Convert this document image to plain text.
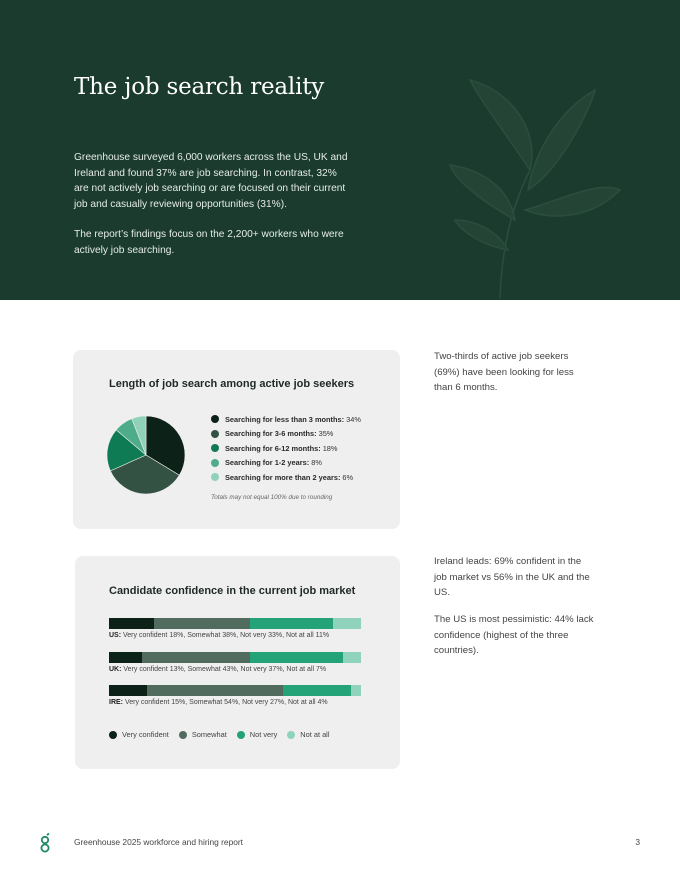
The job search reality

Greenhouse surveyed 6,000 workers across the US, UK and Ireland and found 37% are job searching. In contrast, 32% are not actively job searching or are focused on their current job and casually reviewing opportunities (31%).

The report’s findings focus on the 2,200+ workers who were actively job searching.

Length of job search among active job seekers
Searching for less than 3 months: 34%
Searching for 3-6 months: 35%
Searching for 6-12 months: 18%
Searching for 1-2 years: 8%
Searching for more than 2 years: 6%
Totals may not equal 100% due to rounding

Two-thirds of active job seekers (69%) have been looking for less than 6 months.

Candidate confidence in the current job market
US: Very confident 18%, Somewhat 38%, Not very 33%, Not at all 11%
UK: Very confident 13%, Somewhat 43%, Not very 37%, Not at all 7%
IRE: Very confident 15%, Somewhat 54%, Not very 27%, Not at all 4%
Very confident	Somewhat	Not very	Not at all

Ireland leads: 69% confident in the job market vs 56% in the UK and the US.

The US is most pessimistic: 44% lack confidence (highest of the three countries).

Greenhouse 2025 workforce and hiring report	3
